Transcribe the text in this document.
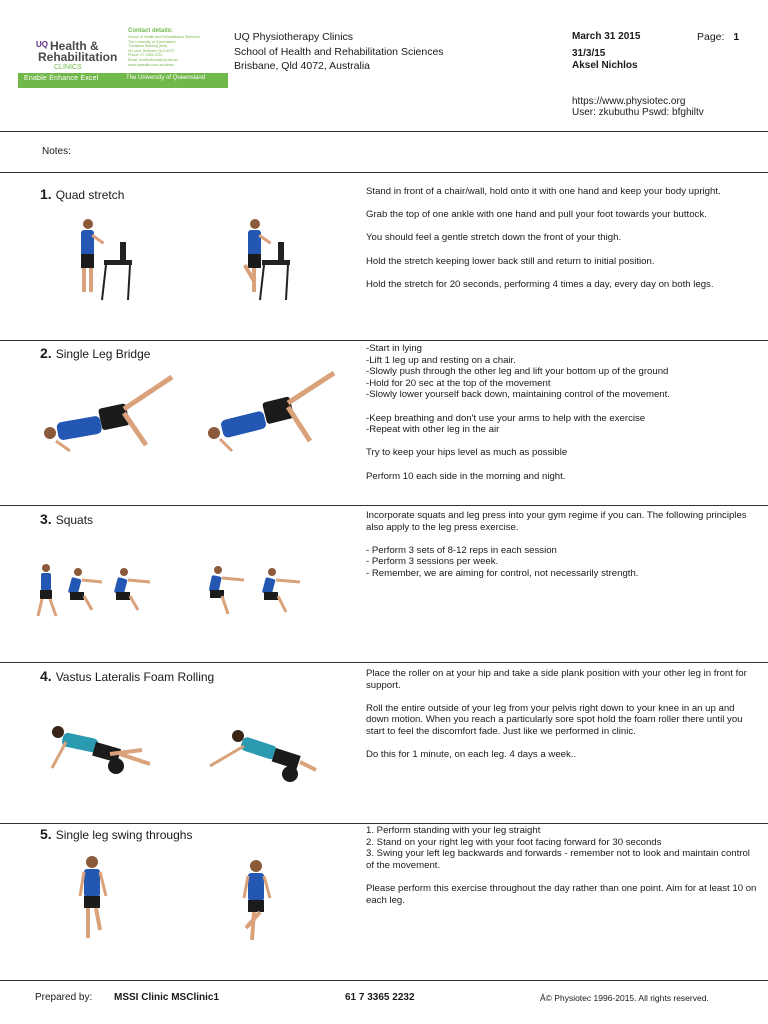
UQ Health &
Rehabilitation
CLINICS
Contact details:
School of Health and Rehabilitation Sciences
The University of Queensland
Therapies Building (84a)
St Lucia, Brisbane QLD 4072
Phone: 07 3365 2232
Email: healthclinics@uq.edu.au
www.uqhealth.com.au/clinics
Enable Enhance Excel	The University of Queensland
UQ Physiotherapy Clinics
School of Health and Rehabilitation Sciences
Brisbane, Qld 4072, Australia
March 31 2015	Page: 1
31/3/15
Aksel Nichlos
https://www.physiotec.org
User: zkubuthu Pswd: bfghiltv
Notes:
1. Quad stretch	Stand in front of a chair/wall, hold onto it with one hand and keep your body upright.

Grab the top of one ankle with one hand and pull your foot towards your buttock.

You should feel a gentle stretch down the front of your thigh.

Hold the stretch keeping lower back still and return to initial position.

Hold the stretch for 20 seconds, performing 4 times a day, every day on both legs.
2. Single Leg Bridge	-Start in lying
-Lift 1 leg up and resting on a chair.
-Slowly push through the other leg and lift your bottom up of the ground
-Hold for 20 sec at the top of the movement
-Slowly lower yourself back down, maintaining control of the movement.

-Keep breathing and don't use your arms to help with the exercise
-Repeat with other leg in the air

Try to keep your hips level as much as possible

Perform 10 each side in the morning and night.
3. Squats	Incorporate squats and leg press into your gym regime if you can. The following principles also apply to the leg press exercise.

- Perform 3 sets of 8-12 reps in each session
- Perform 3 sessions per week.
- Remember, we are aiming for control, not necessarily strength.
4. Vastus Lateralis Foam Rolling	Place the roller on at your hip and take a side plank position with your other leg in front for support.

Roll the entire outside of your leg from your pelvis right down to your knee in an up and down motion. When you reach a particularly sore spot hold the foam roller there until you start to feel the discomfort fade. Just like we performed in clinic.

Do this for 1 minute, on each leg. 4 days a week..
5. Single leg swing throughs	1. Perform standing with your leg straight
2. Stand on your right leg with your foot facing forward for 30 seconds
3. Swing your left leg backwards and forwards - remember not to look and maintain control of the movement.

Please perform this exercise throughout the day rather than one point. Aim for at least 10 on each leg.
Prepared by: MSSI Clinic MSClinic1	61 7 3365 2232	Â© Physiotec 1996-2015. All rights reserved.
